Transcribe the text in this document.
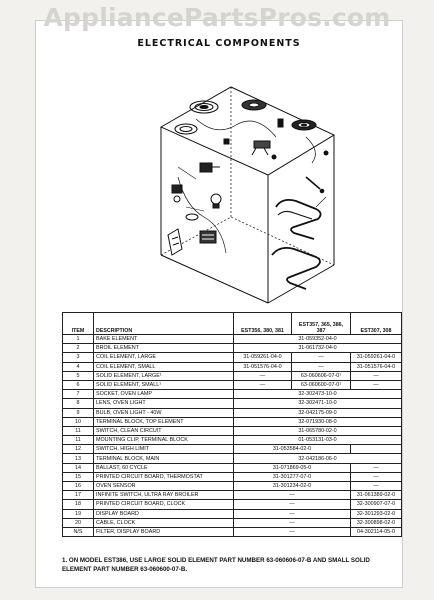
AppliancePartsPros.com
ELECTRICAL COMPONENTS
ITEM	DESCRIPTION	EST356, 380, 381	EST357, 365, 386, 387	EST307, 308
1	BAKE ELEMENT	31-059352-04-0		
2	BROIL ELEMENT	31-061732-04-0		
3	COIL ELEMENT, LARGE	31-059261-04-0	—	31-059261-04-0
4	COIL ELEMENT, SMALL	31-051576-04-0	—	31-051576-04-0
5	SOLID ELEMENT, LARGE¹	—	63-060606-07-0¹	—
6	SOLID ELEMENT, SMALL¹	—	63-060600-07-0¹	—
7	SOCKET, OVEN LAMP	32-302473-10-0		
8	LENS, OVEN LIGHT	32-302471-10-0		
9	BULB, OVEN LIGHT - 40W	32-042175-09-0		
10	TERMINAL BLOCK, TOP ELEMENT	32-071930-08-0		
11	SWITCH, CLEAN CIRCUIT	31-065780-02-0		
11	MOUNTING CLIP, TERMINAL BLOCK	01-053131-03-0		
12	SWITCH, HIGH LIMIT	31-053584-02-0		
13	TERMINAL BLOCK, MAIN	32-042186-06-0		
14	BALLAST, 60 CYCLE	31-071869-05-0		—
15	PRINTED CIRCUIT BOARD, THERMOSTAT	31-301277-07-0		—
16	OVEN SENSOR	31-301234-02-0		—
17	INFINITE SWITCH, ULTRA RAY BROILER	—		31-061389-02-0
18	PRINTED CIRCUIT BOARD, CLOCK	—		32-300907-07-0
19	DISPLAY BOARD	—		32-301293-02-0
20	CABLE, CLOCK	—		32-300898-02-0
N/S	FILTER, DISPLAY BOARD	—		04-302114-05-0
1. ON MODEL EST386, USE LARGE SOLID ELEMENT PART NUMBER 63-060606-07-B AND SMALL SOLID ELEMENT PART NUMBER 63-060600-07-B.
